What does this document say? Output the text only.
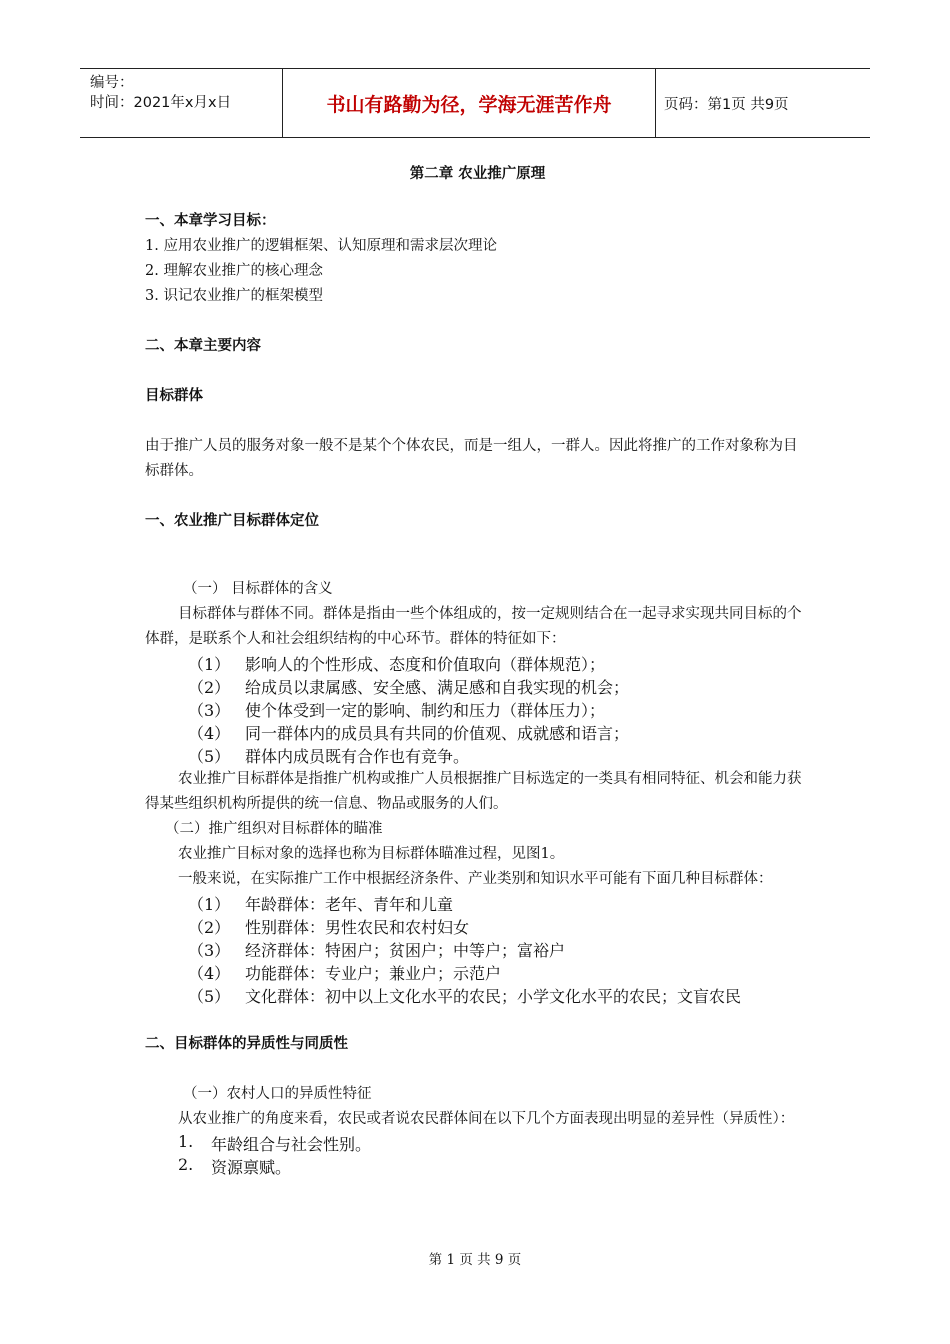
编号：
时间：2021年x月x日	书山有路勤为径，学海无涯苦作舟	页码：第1页 共9页
第二章 农业推广原理
一、本章学习目标：

1. 应用农业推广的逻辑框架、认知原理和需求层次理论

2. 理解农业推广的核心理念

3. 识记农业推广的框架模型

二、本章主要内容
目标群体

由于推广人员的服务对象一般不是某个个体农民，而是一组人，一群人。因此将推广的工作对象称为目标群体。

一、农业推广目标群体定位

（一） 目标群体的含义

目标群体与群体不同。群体是指由一些个体组成的，按一定规则结合在一起寻求实现共同目标的个体群，是联系个人和社会组织结构的中心环节。群体的特征如下：

（1） 影响人的个性形成、态度和价值取向（群体规范）；
（2） 给成员以隶属感、安全感、满足感和自我实现的机会；
（3） 使个体受到一定的影响、制约和压力（群体压力）；
（4） 同一群体内的成员具有共同的价值观、成就感和语言；
（5） 群体内成员既有合作也有竞争。

农业推广目标群体是指推广机构或推广人员根据推广目标选定的一类具有相同特征、机会和能力获得某些组织机构所提供的统一信息、物品或服务的人们。

（二）推广组织对目标群体的瞄准

农业推广目标对象的选择也称为目标群体瞄准过程，见图1。

一般来说，在实际推广工作中根据经济条件、产业类别和知识水平可能有下面几种目标群体：

（1） 年龄群体：老年、青年和儿童
（2） 性别群体：男性农民和农村妇女
（3） 经济群体：特困户；贫困户；中等户；富裕户
（4） 功能群体：专业户；兼业户；示范户
（5） 文化群体：初中以上文化水平的农民；小学文化水平的农民；文盲农民
二、目标群体的异质性与同质性

（一）农村人口的异质性特征

从农业推广的角度来看，农民或者说农民群体间在以下几个方面表现出明显的差异性（异质性）：

1.	年龄组合与社会性别。
2.	资源禀赋。
第 1 页 共 9 页
